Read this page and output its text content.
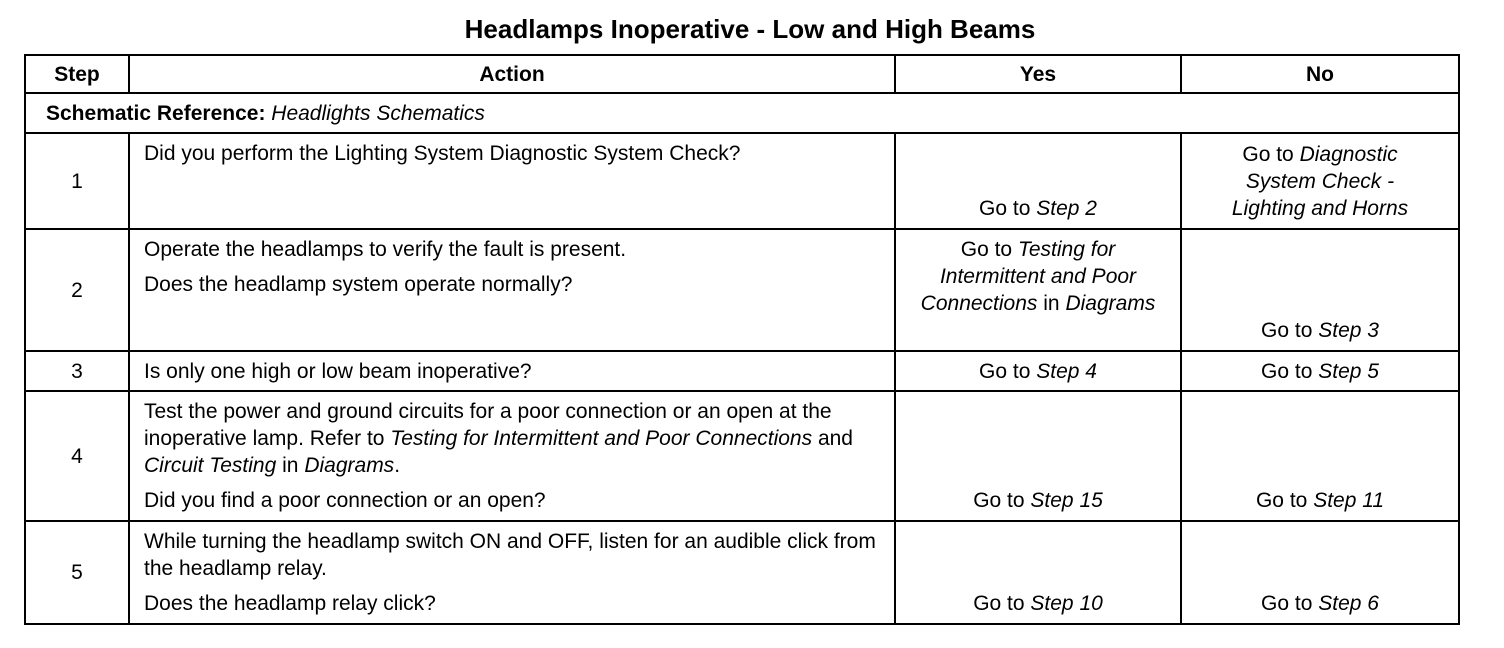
Headlamps Inoperative - Low and High Beams
Step	Action	Yes	No
Schematic Reference: Headlights Schematics			
1	Did you perform the Lighting System Diagnostic System Check?	Go to Step 2	Go to Diagnostic System Check - Lighting and Horns
2	Operate the headlamps to verify the fault is present.

Does the headlamp system operate normally?	Go to Testing for Intermittent and Poor Connections in Diagrams	Go to Step 3
3	Is only one high or low beam inoperative?	Go to Step 4	Go to Step 5
4	Test the power and ground circuits for a poor connection or an open at the inoperative lamp. Refer to Testing for Intermittent and Poor Connections and Circuit Testing in Diagrams.

Did you find a poor connection or an open?	Go to Step 15	Go to Step 11
5	While turning the headlamp switch ON and OFF, listen for an audible click from the headlamp relay.

Does the headlamp relay click?	Go to Step 10	Go to Step 6
